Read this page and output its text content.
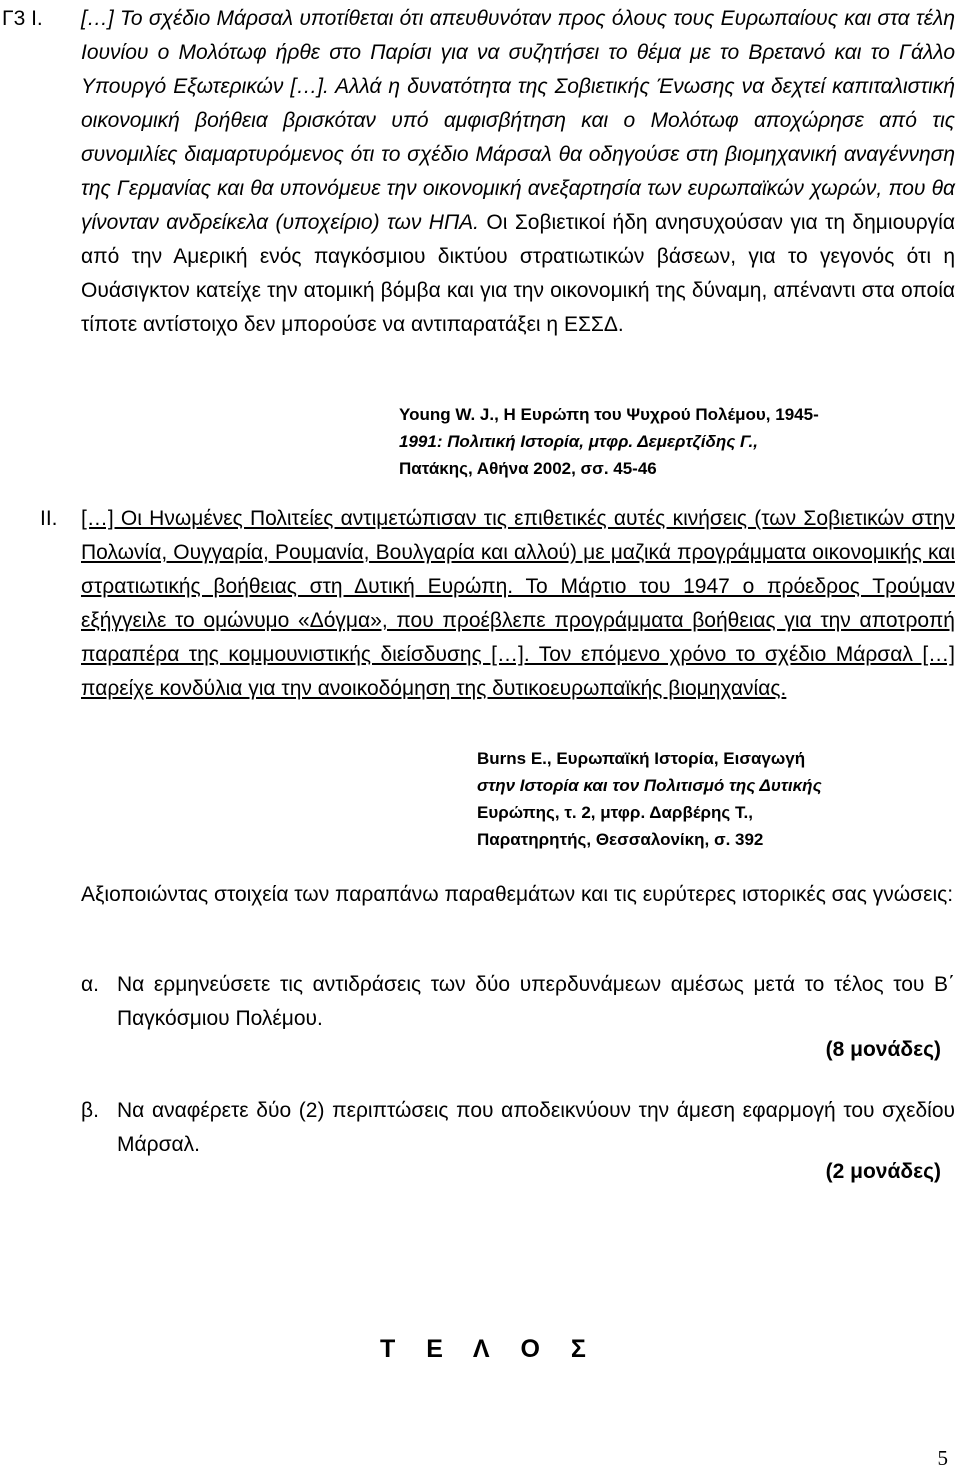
Γ3 Ι. […] Το σχέδιο Μάρσαλ υποτίθεται ότι απευθυνόταν προς όλους τους Ευρωπαίους και στα τέλη Ιουνίου ο Μολότωφ ήρθε στο Παρίσι για να συζητήσει το θέμα με το Βρετανό και το Γάλλο Υπουργό Εξωτερικών […]. Αλλά η δυνατότητα της Σοβιετικής Ένωσης να δεχτεί καπιταλιστική οικονομική βοήθεια βρισκόταν υπό αμφισβήτηση και ο Μολότωφ αποχώρησε από τις συνομιλίες διαμαρτυρόμενος ότι το σχέδιο Μάρσαλ θα οδηγούσε στη βιομηχανική αναγέννηση της Γερμανίας και θα υπονόμευε την οικονομική ανεξαρτησία των ευρωπαϊκών χωρών, που θα γίνονταν ανδρείκελα (υποχείριο) των ΗΠΑ. Οι Σοβιετικοί ήδη ανησυχούσαν για τη δημιουργία από την Αμερική ενός παγκόσμιου δικτύου στρατιωτικών βάσεων, για το γεγονός ότι η Ουάσιγκτον κατείχε την ατομική βόμβα και για την οικονομική της δύναμη, απέναντι στα οποία τίποτε αντίστοιχο δεν μπορούσε να αντιπαρατάξει η ΕΣΣΔ.
Young W. J., Η Ευρώπη του Ψυχρού Πολέμου, 1945-
1991: Πολιτική Ιστορία, μτφρ. Δεμερτζίδης Γ.,
Πατάκης, Αθήνα 2002, σσ. 45-46
ΙΙ. […] Οι Ηνωμένες Πολιτείες αντιμετώπισαν τις επιθετικές αυτές κινήσεις (των Σοβιετικών στην Πολωνία, Ουγγαρία, Ρουμανία, Βουλγαρία και αλλού) με μαζικά προγράμματα οικονομικής και στρατιωτικής βοήθειας στη Δυτική Ευρώπη. Το Μάρτιο του 1947 ο πρόεδρος Τρούμαν εξήγγειλε το ομώνυμο «Δόγμα», που προέβλεπε προγράμματα βοήθειας για την αποτροπή παραπέρα της κομμουνιστικής διείσδυσης […]. Τον επόμενο χρόνο το σχέδιο Μάρσαλ […] παρείχε κονδύλια για την ανοικοδόμηση της δυτικοευρωπαϊκής βιομηχανίας.
Burns E., Ευρωπαϊκή Ιστορία, Εισαγωγή
στην Ιστορία και τον Πολιτισμό της Δυτικής
Ευρώπης, τ. 2, μτφρ. Δαρβέρης Τ.,
Παρατηρητής, Θεσσαλονίκη, σ. 392
Αξιοποιώντας στοιχεία των παραπάνω παραθεμάτων και τις ευρύτερες ιστορικές σας γνώσεις:
α. Να ερμηνεύσετε τις αντιδράσεις των δύο υπερδυνάμεων αμέσως μετά το τέλος του Β΄ Παγκόσμιου Πολέμου.
(8 μονάδες)
β. Να αναφέρετε δύο (2) περιπτώσεις που αποδεικνύουν την άμεση εφαρμογή του σχεδίου Μάρσαλ.
(2 μονάδες)
Τ Ε Λ Ο Σ
5
